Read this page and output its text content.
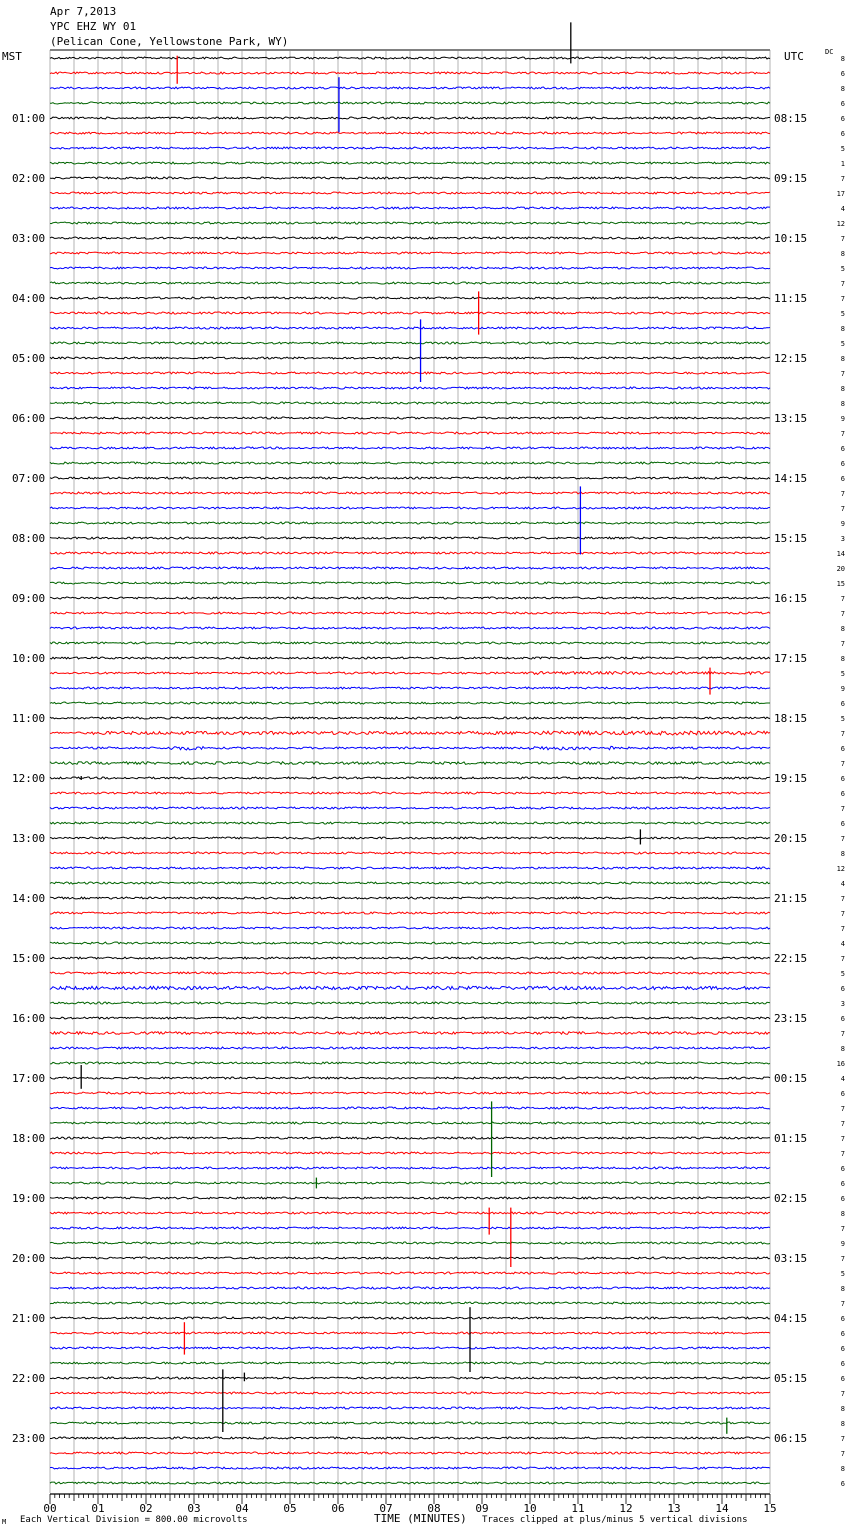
00	01	02	03	04	05	06	07	08	09	10	11	12	13	14	15
01:00
02:00
03:00
04:00
05:00
06:00
07:00
08:00
09:00
10:00
11:00
12:00
13:00
14:00
15:00
16:00
17:00
18:00
19:00
20:00
21:00
22:00
23:00
08:15
09:15
10:15
11:15
12:15
13:15
14:15
15:15
16:15
17:15
18:15
19:15
20:15
21:15
22:15
23:15
00:15
01:15
02:15
03:15
04:15
05:15
06:15
8
6
8
6
6
6
5
1
7
17
4
12
7
8
5
7
7
5
8
5
8
7
8
8
9
7
6
6
6
7
7
9
3
14
20
15
7
7
8
7
8
5
9
6
5
7
6
7
6
6
7
6
7
8
12
4
7
7
7
4
7
5
6
3
6
7
8
16
4
6
7
7
7
7
6
6
6
8
7
9
7
5
8
7
6
6
6
6
6
7
8
8
7
7
8
6
Apr 7,2013
YPC EHZ WY 01
(Pelican Cone, Yellowstone Park, WY)
MST	UTC	DC
M Each Vertical Division = 800.00 microvolts	TIME (MINUTES) Traces clipped at plus/minus 5 vertical divisions
